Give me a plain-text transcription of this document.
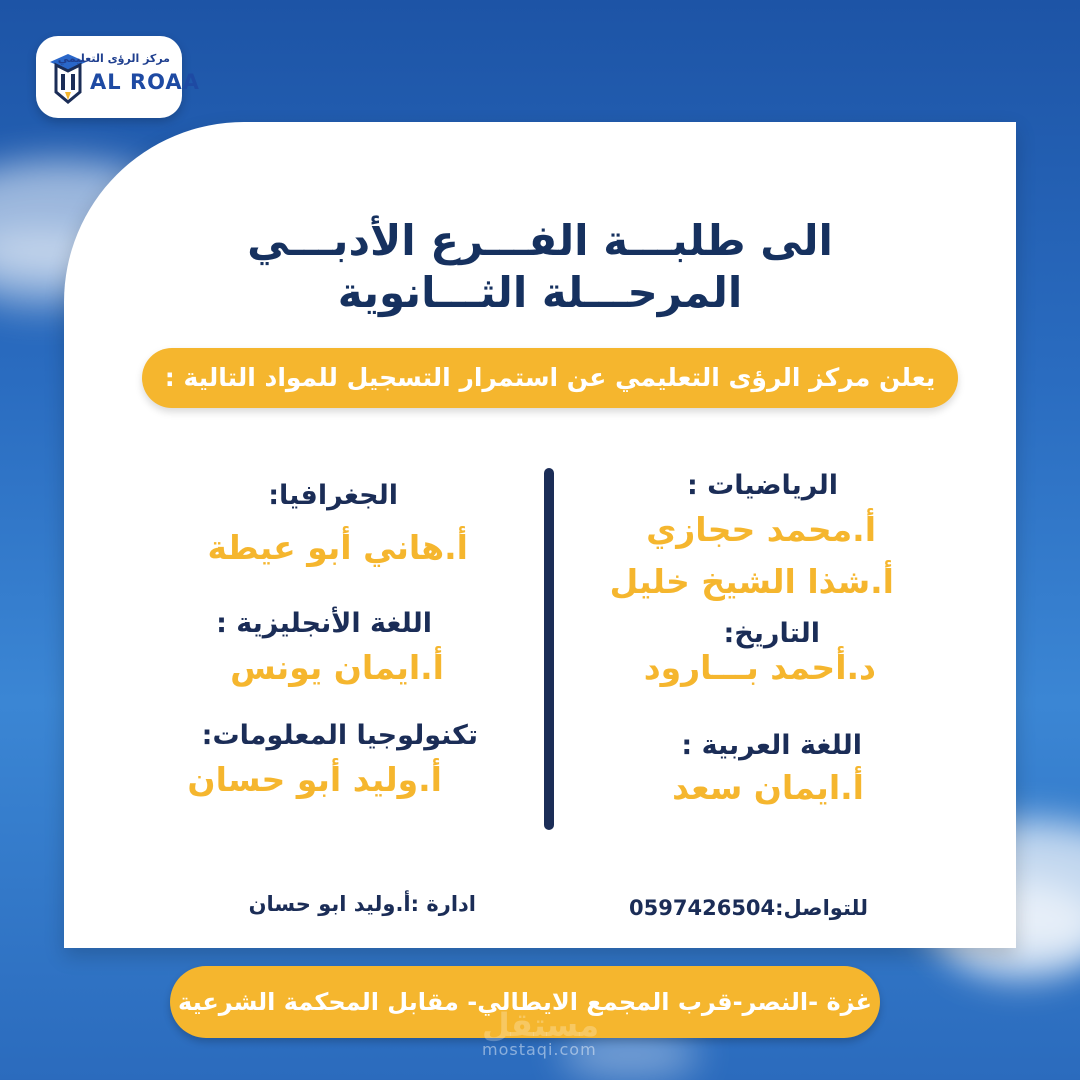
مركز الرؤى التعليمي
AL ROAA
الى طلبـــة الفـــرع الأدبـــي
المرحـــلة الثـــانوية
يعلن مركز الرؤى التعليمي عن استمرار التسجيل للمواد التالية :
الرياضيات :
أ.محمد حجازي
أ.شذا الشيخ خليل
التاريخ:
د.أحمد بـــارود
اللغة العربية :
أ.ايمان سعد
الجغرافيا:
أ.هاني أبو عيطة
اللغة الأنجليزية :
أ.ايمان يونس
تكنولوجيا المعلومات:
أ.وليد أبو حسان
للتواصل:0597426504
ادارة :أ.وليد ابو حسان
غزة -النصر-قرب المجمع الايطالي- مقابل المحكمة الشرعية
مستقل
mostaqi.com
